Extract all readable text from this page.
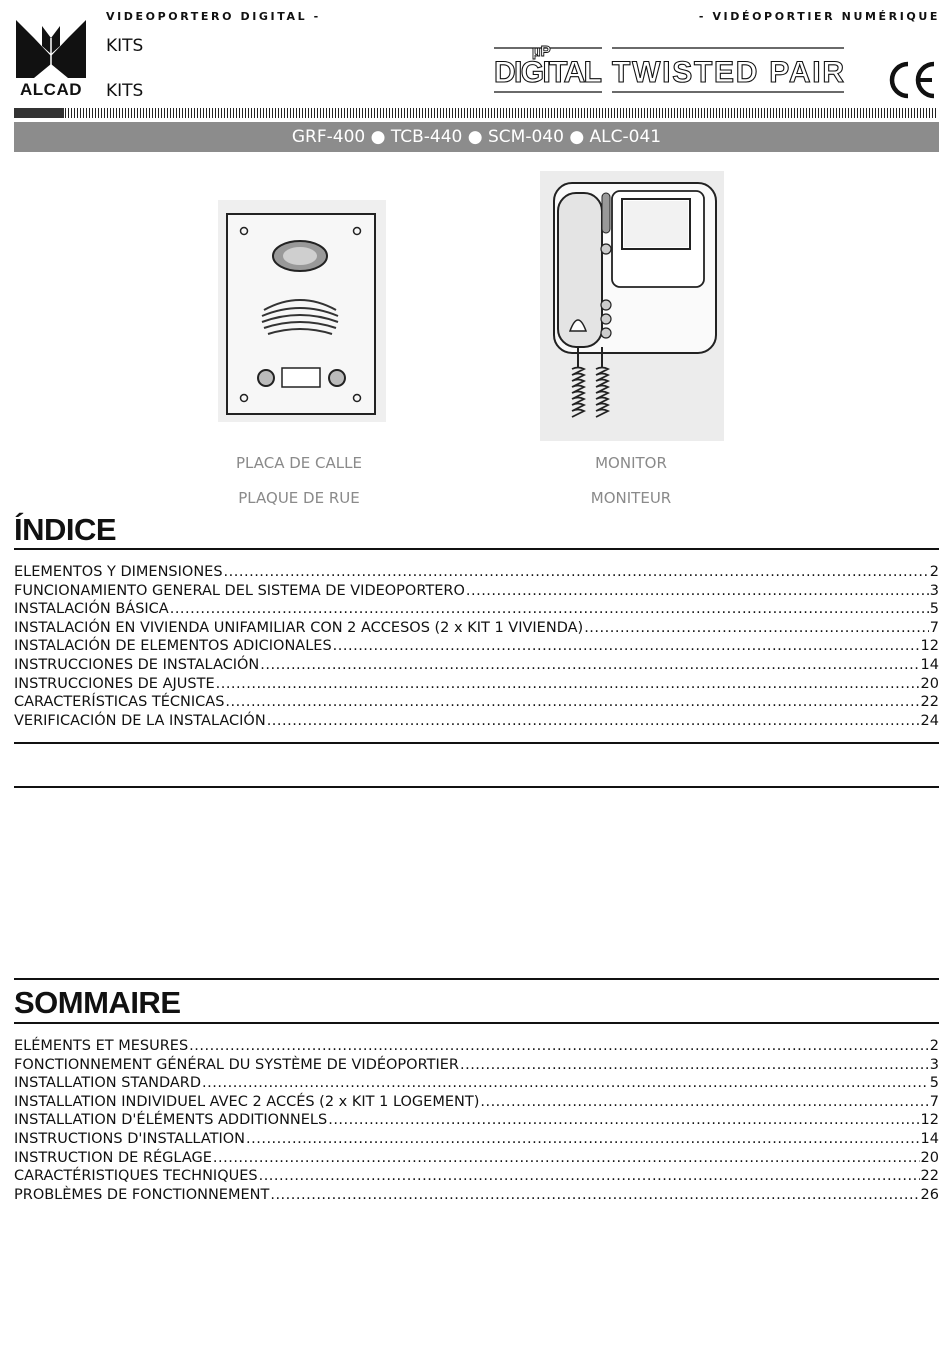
ALCAD
VIDEOPORTERO DIGITAL -	- VIDÉOPORTIER NUMÉRIQUE
KITS
KITS
µP
DIGITAL TWISTED PAIR
GRF-400 ● TCB-440 ● SCM-040 ● ALC-041
PLACA DE CALLE
PLAQUE DE RUE
MONITOR
MONITEUR
ÍNDICE
ELEMENTOS Y DIMENSIONES .....	2
FUNCIONAMIENTO GENERAL DEL SISTEMA DE VIDEOPORTERO .....	3
INSTALACIÓN BÁSICA .....	5
INSTALACIÓN EN VIVIENDA UNIFAMILIAR CON 2 ACCESOS (2 x KIT 1 VIVIENDA) .....	7
INSTALACIÓN DE ELEMENTOS ADICIONALES .....	12
INSTRUCCIONES DE INSTALACIÓN .....	14
INSTRUCCIONES DE AJUSTE .....	20
CARACTERÍSTICAS TÉCNICAS .....	22
VERIFICACIÓN DE LA INSTALACIÓN .....	24
SOMMAIRE
ELÉMENTS ET MESURES .....	2
FONCTIONNEMENT GÉNÉRAL DU SYSTÈME DE VIDÉOPORTIER .....	3
INSTALLATION STANDARD .....	5
INSTALLATION INDIVIDUEL AVEC 2 ACCÉS (2 x KIT 1 LOGEMENT) .....	7
INSTALLATION D'ÉLÉMENTS ADDITIONNELS .....	12
INSTRUCTIONS D'INSTALLATION .....	14
INSTRUCTION DE RÉGLAGE .....	20
CARACTÉRISTIQUES TECHNIQUES .....	22
PROBLÈMES DE FONCTIONNEMENT .....	26
